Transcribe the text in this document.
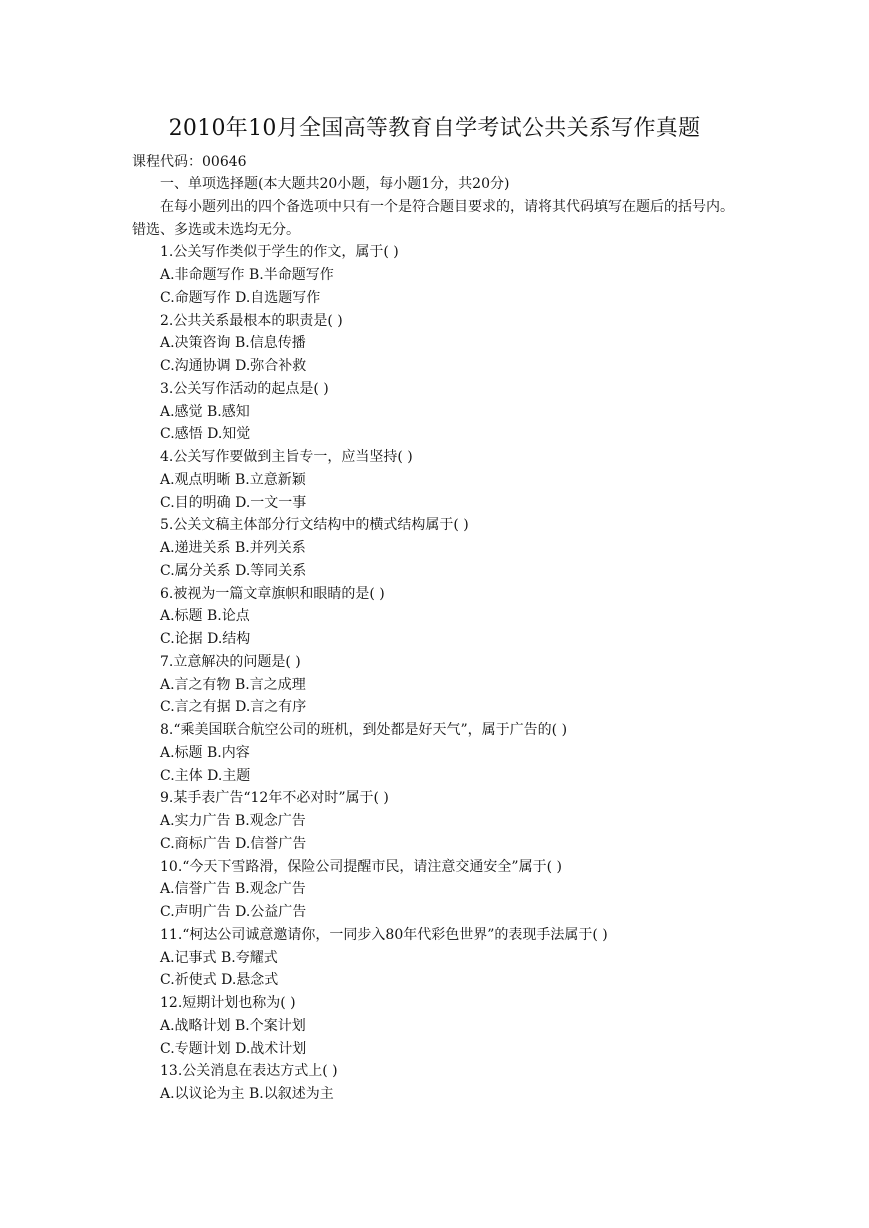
2010年10月全国高等教育自学考试公共关系写作真题
课程代码：00646
一、单项选择题(本大题共20小题，每小题1分，共20分)
在每小题列出的四个备选项中只有一个是符合题目要求的，请将其代码填写在题后的括号内。错选、多选或未选均无分。
1.公关写作类似于学生的作文，属于( )
A.非命题写作 B.半命题写作
C.命题写作 D.自选题写作
2.公共关系最根本的职责是( )
A.决策咨询 B.信息传播
C.沟通协调 D.弥合补救
3.公关写作活动的起点是( )
A.感觉 B.感知
C.感悟 D.知觉
4.公关写作要做到主旨专一，应当坚持( )
A.观点明晰 B.立意新颖
C.目的明确 D.一文一事
5.公关文稿主体部分行文结构中的横式结构属于( )
A.递进关系 B.并列关系
C.属分关系 D.等同关系
6.被视为一篇文章旗帜和眼睛的是( )
A.标题 B.论点
C.论据 D.结构
7.立意解决的问题是( )
A.言之有物 B.言之成理
C.言之有据 D.言之有序
8.“乘美国联合航空公司的班机，到处都是好天气”，属于广告的( )
A.标题 B.内容
C.主体 D.主题
9.某手表广告“12年不必对时”属于( )
A.实力广告 B.观念广告
C.商标广告 D.信誉广告
10.“今天下雪路滑，保险公司提醒市民，请注意交通安全”属于( )
A.信誉广告 B.观念广告
C.声明广告 D.公益广告
11.“柯达公司诚意邀请你，一同步入80年代彩色世界”的表现手法属于( )
A.记事式 B.夸耀式
C.祈使式 D.悬念式
12.短期计划也称为( )
A.战略计划 B.个案计划
C.专题计划 D.战术计划
13.公关消息在表达方式上( )
A.以议论为主 B.以叙述为主
